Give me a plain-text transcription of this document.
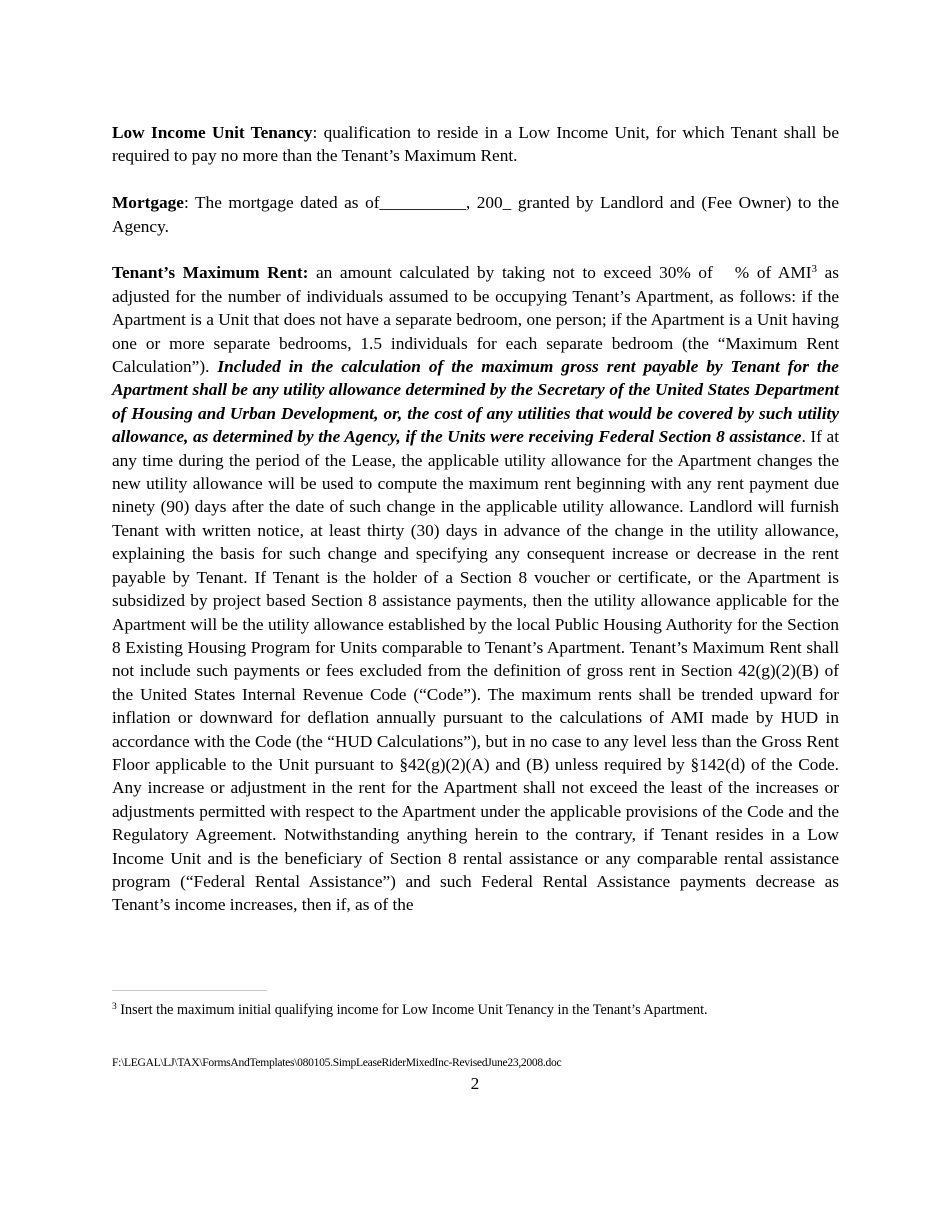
Low Income Unit Tenancy: qualification to reside in a Low Income Unit, for which Tenant shall be required to pay no more than the Tenant’s Maximum Rent.

Mortgage: The mortgage dated as of__________, 200_ granted by Landlord and (Fee Owner) to the Agency.

Tenant’s Maximum Rent: an amount calculated by taking not to exceed 30% of % of AMI$^3$ as adjusted for the number of individuals assumed to be occupying Tenant’s Apartment, as follows: if the Apartment is a Unit that does not have a separate bedroom, one person; if the Apartment is a Unit having one or more separate bedrooms, 1.5 individuals for each separate bedroom (the “Maximum Rent Calculation”). Included in the calculation of the maximum gross rent payable by Tenant for the Apartment shall be any utility allowance determined by the Secretary of the United States Department of Housing and Urban Development, or, the cost of any utilities that would be covered by such utility allowance, as determined by the Agency, if the Units were receiving Federal Section 8 assistance. If at any time during the period of the Lease, the applicable utility allowance for the Apartment changes the new utility allowance will be used to compute the maximum rent beginning with any rent payment due ninety (90) days after the date of such change in the applicable utility allowance. Landlord will furnish Tenant with written notice, at least thirty (30) days in advance of the change in the utility allowance, explaining the basis for such change and specifying any consequent increase or decrease in the rent payable by Tenant. If Tenant is the holder of a Section 8 voucher or certificate, or the Apartment is subsidized by project based Section 8 assistance payments, then the utility allowance applicable for the Apartment will be the utility allowance established by the local Public Housing Authority for the Section 8 Existing Housing Program for Units comparable to Tenant’s Apartment. Tenant’s Maximum Rent shall not include such payments or fees excluded from the definition of gross rent in Section 42(g)(2)(B) of the United States Internal Revenue Code (“Code”). The maximum rents shall be trended upward for inflation or downward for deflation annually pursuant to the calculations of AMI made by HUD in accordance with the Code (the “HUD Calculations”), but in no case to any level less than the Gross Rent Floor applicable to the Unit pursuant to §42(g)(2)(A) and (B) unless required by §142(d) of the Code. Any increase or adjustment in the rent for the Apartment shall not exceed the least of the increases or adjustments permitted with respect to the Apartment under the applicable provisions of the Code and the Regulatory Agreement. Notwithstanding anything herein to the contrary, if Tenant resides in a Low Income Unit and is the beneficiary of Section 8 rental assistance or any comparable rental assistance program (“Federal Rental Assistance”) and such Federal Rental Assistance payments decrease as Tenant’s income increases, then if, as of the

$^3$ Insert the maximum initial qualifying income for Low Income Unit Tenancy in the Tenant’s Apartment.
F:\LEGAL\LJ\TAX\FormsAndTemplates\080105.SimpLeaseRiderMixedInc-RevisedJune23,2008.doc
2
